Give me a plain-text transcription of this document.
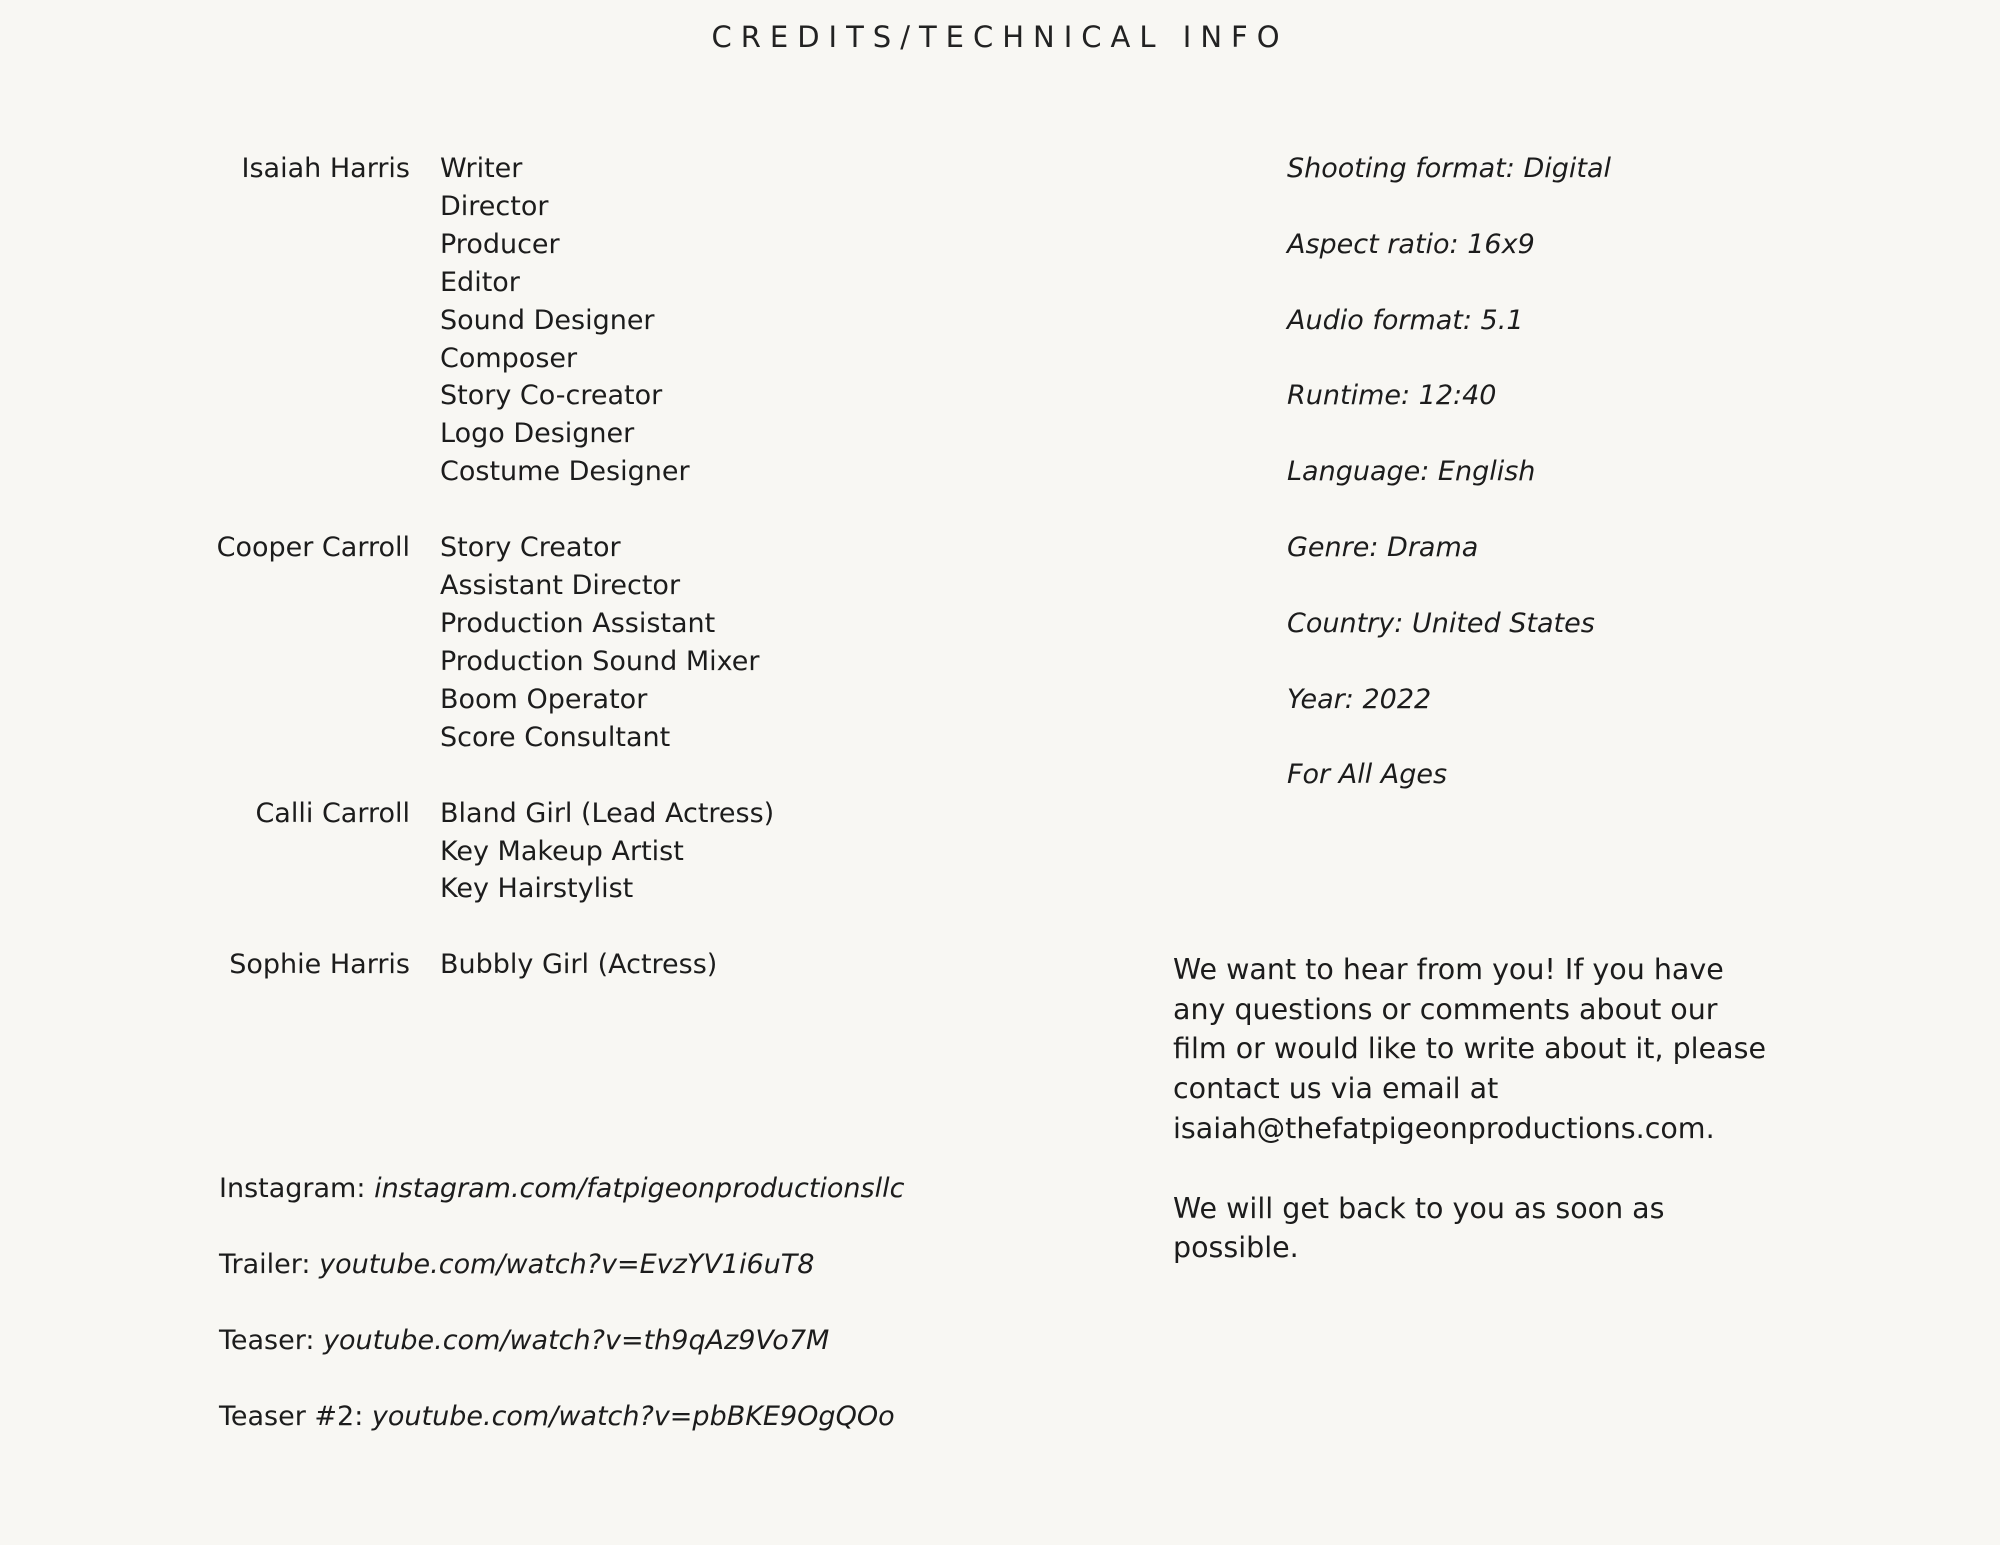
CREDITS/TECHNICAL INFO
Isaiah Harris Writer
Director
Producer
Editor
Sound Designer
Composer
Story Co-creator
Logo Designer
Costume Designer
Cooper Carroll Story Creator
Assistant Director
Production Assistant
Production Sound Mixer
Boom Operator
Score Consultant
Calli Carroll Bland Girl (Lead Actress)
Key Makeup Artist
Key Hairstylist
Sophie Harris Bubbly Girl (Actress)
Shooting format: Digital
Aspect ratio: 16x9
Audio format: 5.1
Runtime: 12:40
Language: English
Genre: Drama
Country: United States
Year: 2022
For All Ages

We want to hear from you! If you have any questions or comments about our film or would like to write about it, please contact us via email at isaiah@thefatpigeonproductions.com.

We will get back to you as soon as possible.

Instagram: instagram.com/fatpigeonproductionsllc
Trailer: youtube.com/watch?v=EvzYV1i6uT8
Teaser: youtube.com/watch?v=th9qAz9Vo7M
Teaser #2: youtube.com/watch?v=pbBKE9OgQOo
